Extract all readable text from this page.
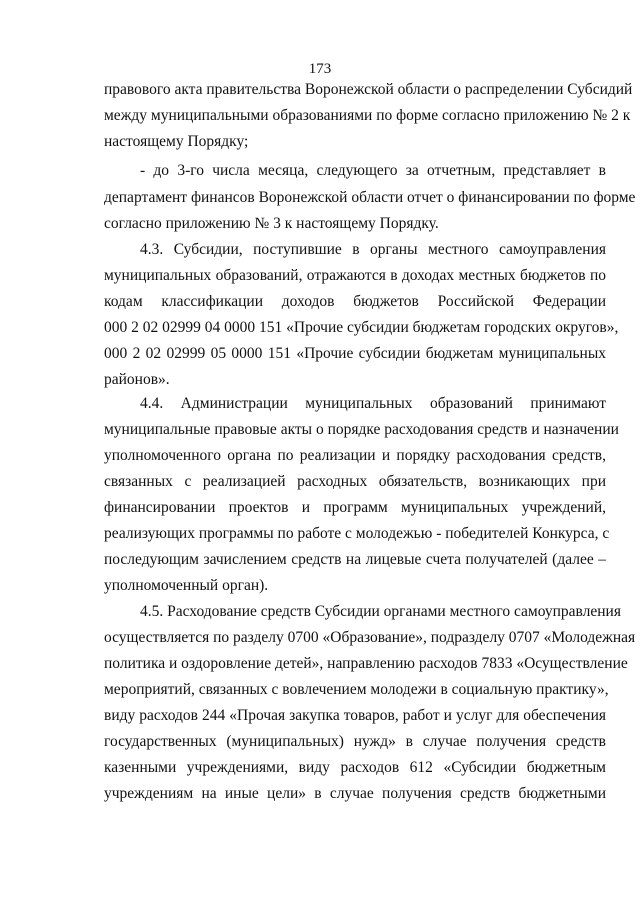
173
правового акта правительства Воронежской области о распределении Субсидий
между муниципальными образованиями по форме согласно приложению № 2 к
настоящему Порядку;
- до 3-го числа месяца, следующего за отчетным, представляет в
департамент финансов Воронежской области отчет о финансировании по форме
согласно приложению № 3 к настоящему Порядку.
4.3. Субсидии, поступившие в органы местного самоуправления
муниципальных образований, отражаются в доходах местных бюджетов по
кодам классификации доходов бюджетов Российской Федерации
000 2 02 02999 04 0000 151 «Прочие субсидии бюджетам городских округов»,
000 2 02 02999 05 0000 151 «Прочие субсидии бюджетам муниципальных
районов».
4.4. Администрации муниципальных образований принимают
муниципальные правовые акты о порядке расходования средств и назначении
уполномоченного органа по реализации и порядку расходования средств,
связанных с реализацией расходных обязательств, возникающих при
финансировании проектов и программ муниципальных учреждений,
реализующих программы по работе с молодежью - победителей Конкурса, с
последующим зачислением средств на лицевые счета получателей (далее –
уполномоченный орган).
4.5. Расходование средств Субсидии органами местного самоуправления
осуществляется по разделу 0700 «Образование», подразделу 0707 «Молодежная
политика и оздоровление детей», направлению расходов 7833 «Осуществление
мероприятий, связанных с вовлечением молодежи в социальную практику»,
виду расходов 244 «Прочая закупка товаров, работ и услуг для обеспечения
государственных (муниципальных) нужд» в случае получения средств
казенными учреждениями, виду расходов 612 «Субсидии бюджетным
учреждениям на иные цели» в случае получения средств бюджетными
